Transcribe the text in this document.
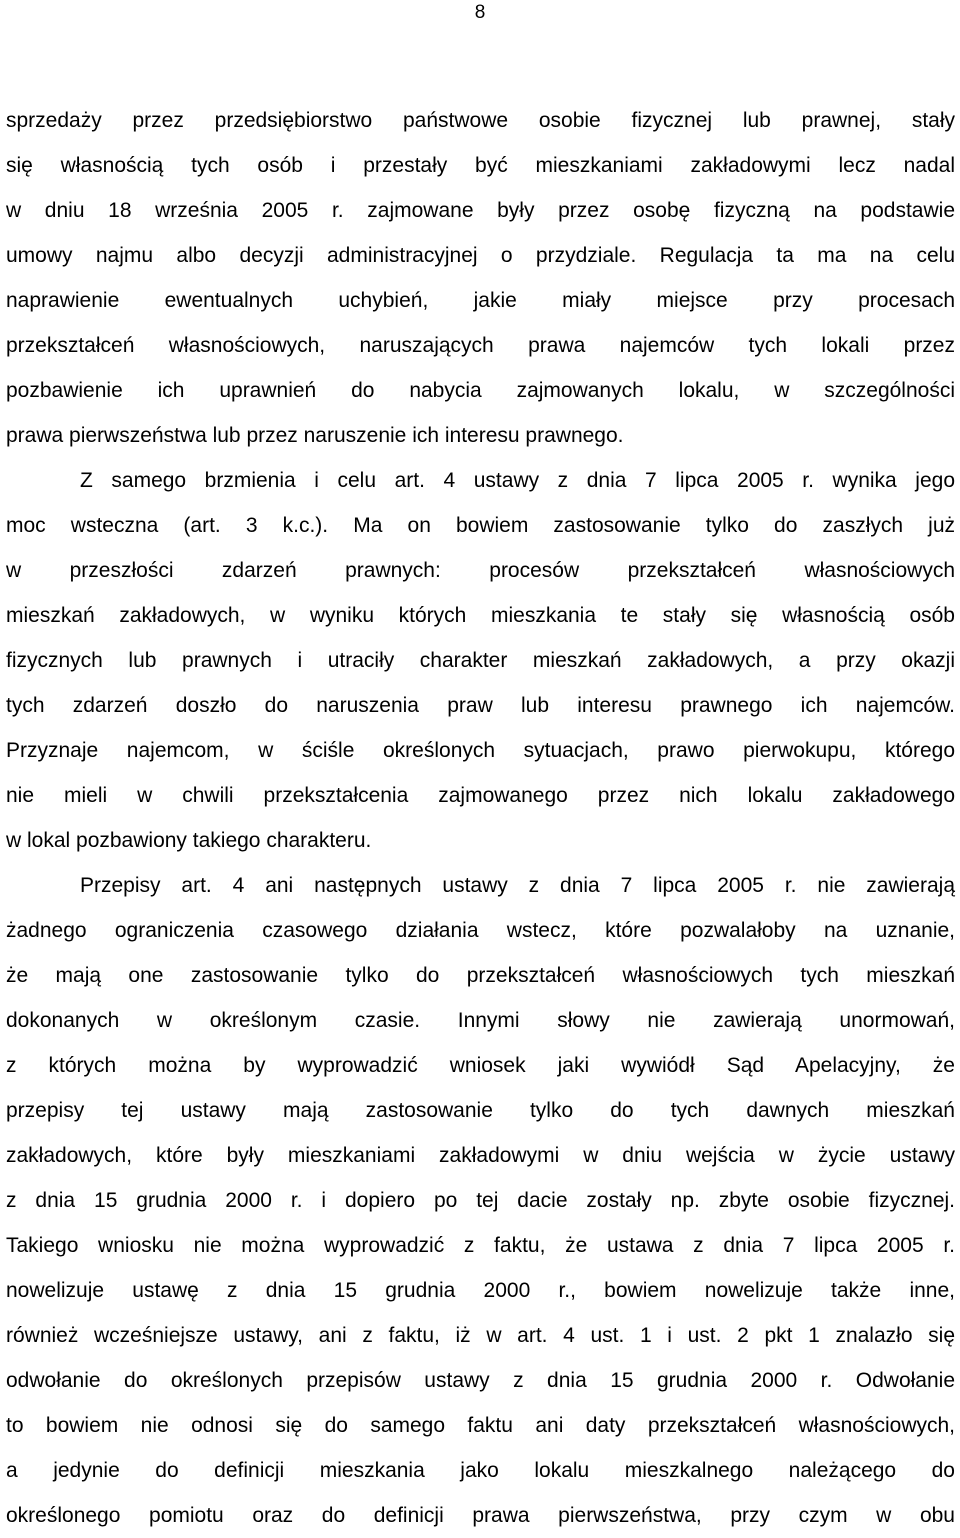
8
sprzedaży przez przedsiębiorstwo państwowe osobie fizycznej lub prawnej, stały
się własnością tych osób i przestały być mieszkaniami zakładowymi lecz nadal
w dniu 18 września 2005 r. zajmowane były przez osobę fizyczną na podstawie
umowy najmu albo decyzji administracyjnej o przydziale. Regulacja ta ma na celu
naprawienie ewentualnych uchybień, jakie miały miejsce przy procesach
przekształceń własnościowych, naruszających prawa najemców tych lokali przez
pozbawienie ich uprawnień do nabycia zajmowanych lokalu, w szczególności
prawa pierwszeństwa lub przez naruszenie ich interesu prawnego.
Z samego brzmienia i celu art. 4 ustawy z dnia 7 lipca 2005 r. wynika jego
moc wsteczna (art. 3 k.c.). Ma on bowiem zastosowanie tylko do zaszłych już
w przeszłości zdarzeń prawnych: procesów przekształceń własnościowych
mieszkań zakładowych, w wyniku których mieszkania te stały się własnością osób
fizycznych lub prawnych i utraciły charakter mieszkań zakładowych, a przy okazji
tych zdarzeń doszło do naruszenia praw lub interesu prawnego ich najemców.
Przyznaje najemcom, w ściśle określonych sytuacjach, prawo pierwokupu, którego
nie mieli w chwili przekształcenia zajmowanego przez nich lokalu zakładowego
w lokal pozbawiony takiego charakteru.
Przepisy art. 4 ani następnych ustawy z dnia 7 lipca 2005 r. nie zawierają
żadnego ograniczenia czasowego działania wstecz, które pozwalałoby na uznanie,
że mają one zastosowanie tylko do przekształceń własnościowych tych mieszkań
dokonanych w określonym czasie. Innymi słowy nie zawierają unormowań,
z których można by wyprowadzić wniosek jaki wywiódł Sąd Apelacyjny, że
przepisy tej ustawy mają zastosowanie tylko do tych dawnych mieszkań
zakładowych, które były mieszkaniami zakładowymi w dniu wejścia w życie ustawy
z dnia 15 grudnia 2000 r. i dopiero po tej dacie zostały np. zbyte osobie fizycznej.
Takiego wniosku nie można wyprowadzić z faktu, że ustawa z dnia 7 lipca 2005 r.
nowelizuje ustawę z dnia 15 grudnia 2000 r., bowiem nowelizuje także inne,
również wcześniejsze ustawy, ani z faktu, iż w art. 4 ust. 1 i ust. 2 pkt 1 znalazło się
odwołanie do określonych przepisów ustawy z dnia 15 grudnia 2000 r. Odwołanie
to bowiem nie odnosi się do samego faktu ani daty przekształceń własnościowych,
a jedynie do definicji mieszkania jako lokalu mieszkalnego należącego do
określonego pomiotu oraz do definicji prawa pierwszeństwa, przy czym w obu
